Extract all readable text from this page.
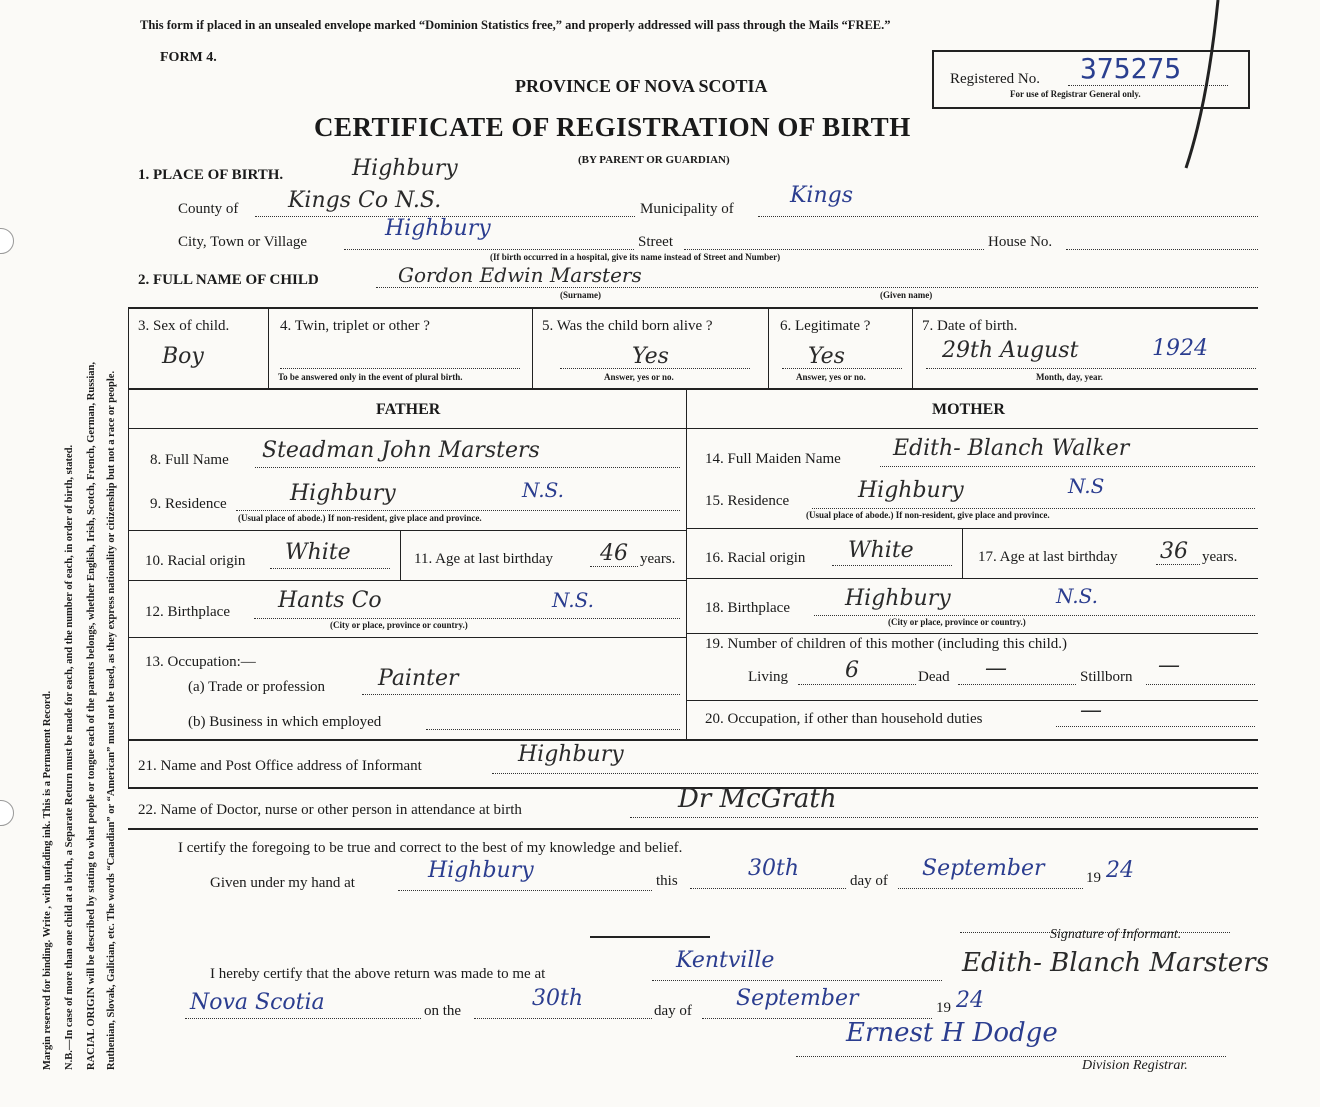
Margin reserved for binding. Write , with unfading ink. This is a Permanent Record. N.B.—In case of more than one child at a birth, a Separate Return must be made for each, and the number of each, in order of birth, stated. RACIAL ORIGIN will be described by stating to what people or tongue each of the parents belongs, whether English, Irish, Scotch, French, German, Russian, Ruthenian, Slovak, Galician, etc. The words “Canadian” or “American” must not be used, as they express nationality or citizenship but not a race or people.
This form if placed in an unsealed envelope marked “Dominion Statistics free,” and properly addressed will pass through the Mails “FREE.”
FORM 4.
Registered No. 375275
For use of Registrar General only.
PROVINCE OF NOVA SCOTIA
CERTIFICATE OF REGISTRATION OF BIRTH
(BY PARENT OR GUARDIAN)
1. PLACE OF BIRTH.	Highbury
County of Kings Co N.S.	Municipality of
Kings
City, Town or Village
Highbury
Street	House No.
(If birth occurred in a hospital, give its name instead of Street and Number)
2. FULL NAME OF CHILD	Gordon Edwin Marsters
(Surname)	(Given name)
3. Sex of child.
Boy
4. Twin, triplet or other ?
To be answered only in the event of plural birth.
5. Was the child born alive ?
Yes
Answer, yes or no.
6. Legitimate ?
Yes
Answer, yes or no.
7. Date of birth.
29th August	1924
Month, day, year.
FATHER	MOTHER
8. Full Name Steadman John Marsters
9. Residence	Highbury	N.S.
(Usual place of abode.) If non-resident, give place and province.
10. Racial origin White	11. Age at last birthday 46 years.
12. Birthplace Hants Co	N.S.
(City or place, province or country.)
13. Occupation:—
(a) Trade or profession Painter
(b) Business in which employed
14. Full Maiden Name Edith- Blanch Walker
15. Residence	Highbury	N.S
(Usual place of abode.) If non-resident, give place and province.
16. Racial origin White	17. Age at last birthday 36 years.
18. Birthplace	Highbury	N.S.
(City or place, province or country.)
19. Number of children of this mother (including this child.)
Living	6	Dead —	Stillborn —
20. Occupation, if other than household duties	—
21. Name and Post Office address of Informant	Highbury
22. Name of Doctor, nurse or other person in attendance at birth	Dr McGrath
I certify the foregoing to be true and correct to the best of my knowledge and belief.
Given under my hand at	Highbury	this	30th	day of September	19 24
Signature of Informant.
Edith- Blanch Marsters
I hereby certify that the above return was made to me at
Kentville
Nova Scotia	on the	30th	day of September	19 24
Ernest H Dodge
Division Registrar.
